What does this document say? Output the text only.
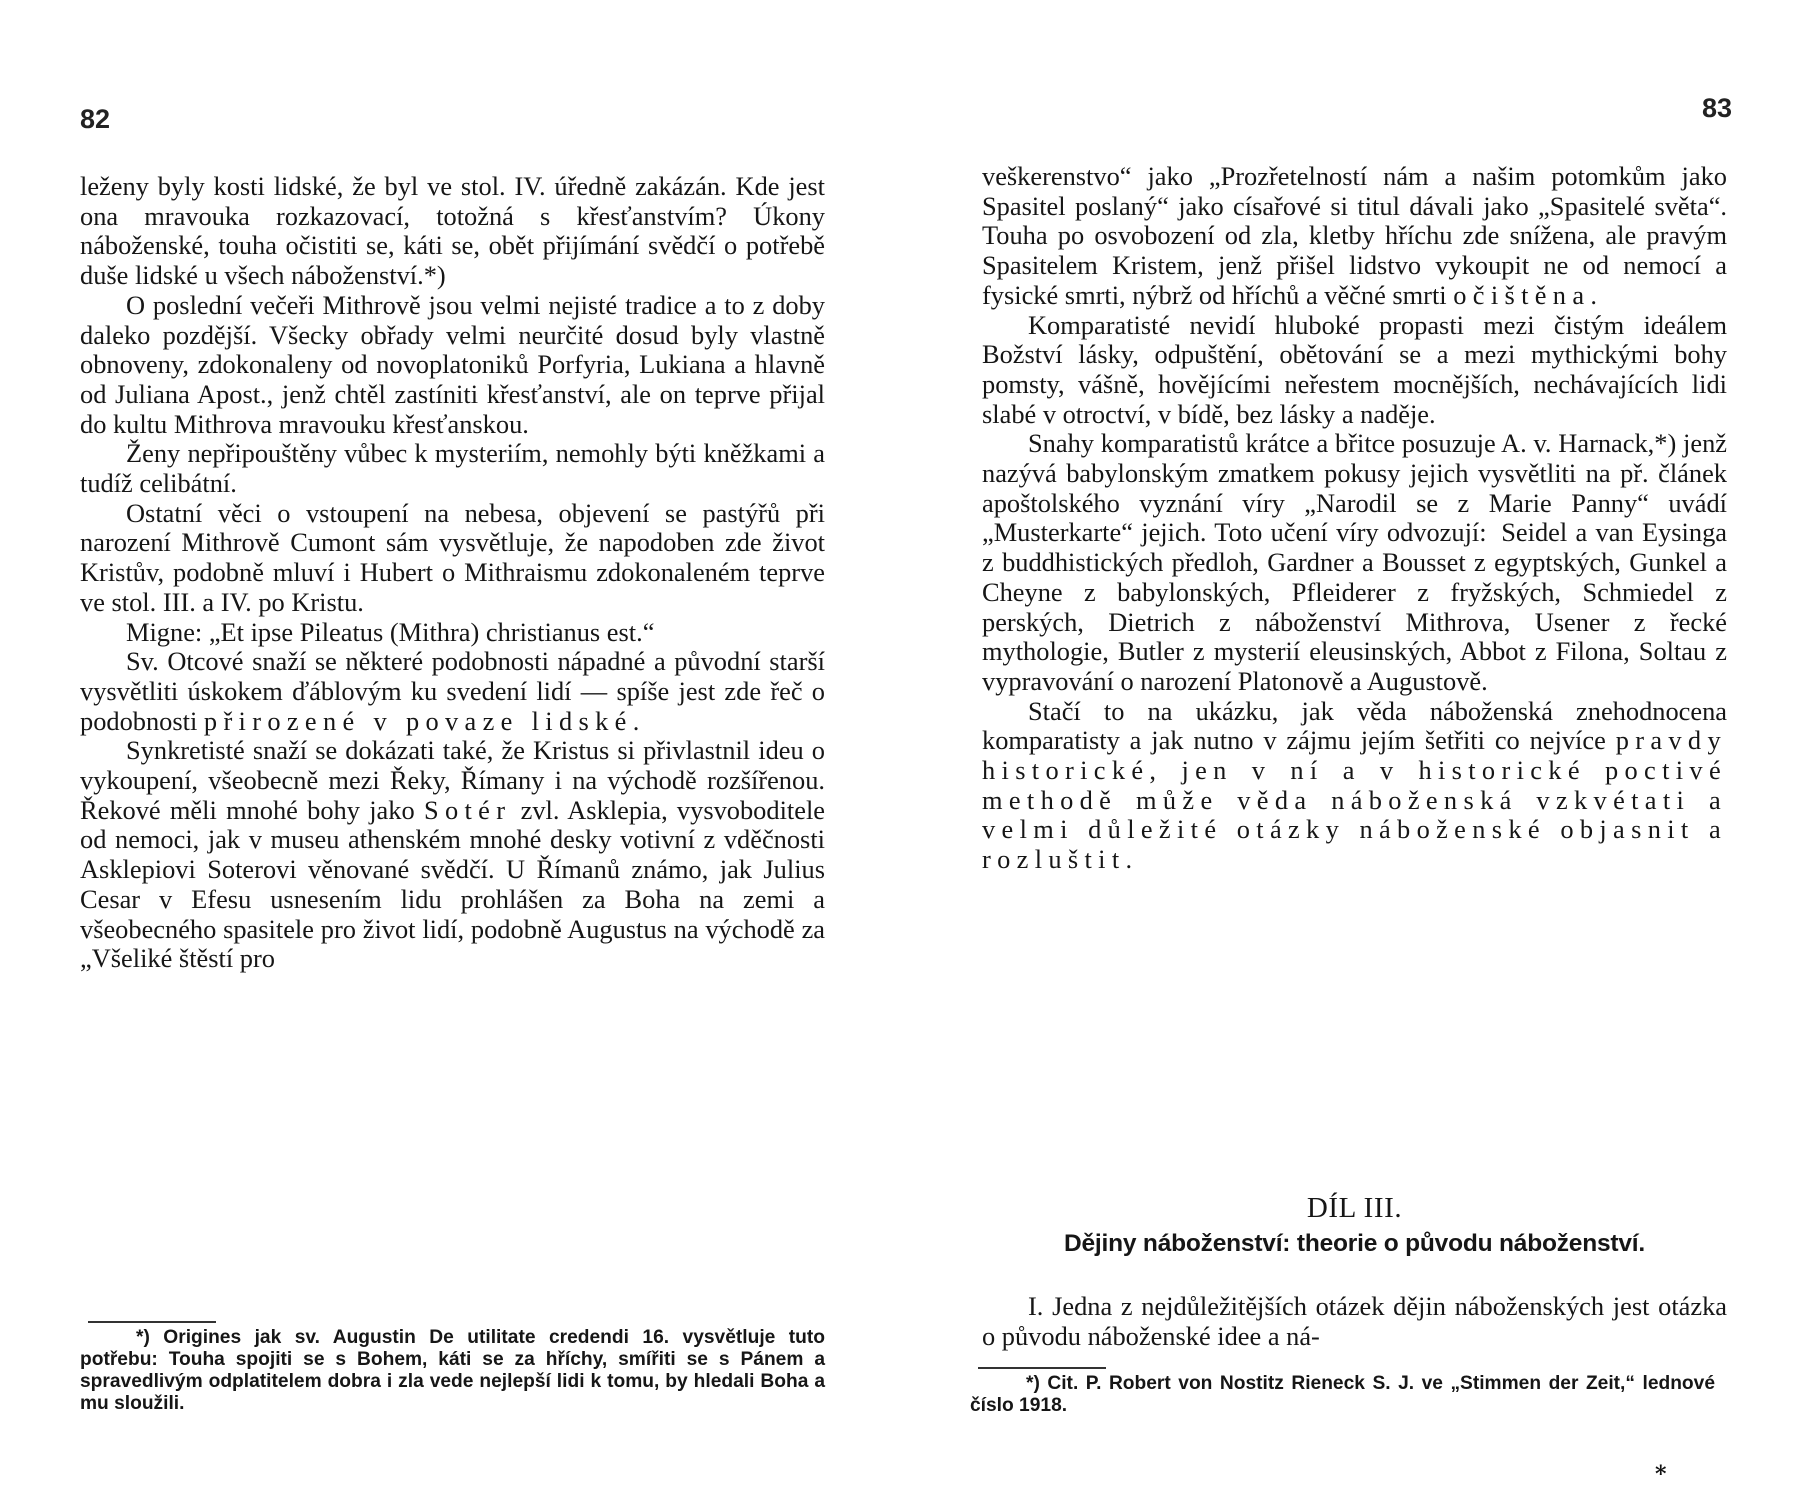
82

leženy byly kosti lidské, že byl ve stol. IV. úředně zakázán. Kde jest ona mravouka rozkazovací, totožná s křesťanstvím? Úkony náboženské, touha očistiti se, káti se, obět přijímání svědčí o potřebě duše lidské u všech náboženství.*)

O poslední večeři Mithrově jsou velmi nejisté tradice a to z doby daleko pozdější. Všecky obřady velmi neurčité dosud byly vlastně obnoveny, zdokonaleny od novoplatoniků Porfyria, Lukiana a hlavně od Juliana Apost., jenž chtěl zastíniti křesťanství, ale on teprve přijal do kultu Mithrova mravouku křesťanskou.

Ženy nepřipouštěny vůbec k mysteriím, nemohly býti kněžkami a tudíž celibátní.

Ostatní věci o vstoupení na nebesa, objevení se pastýřů při narození Mithrově Cumont sám vysvětluje, že napodoben zde život Kristův, podobně mluví i Hubert o Mithraismu zdokonaleném teprve ve stol. III. a IV. po Kristu.

Migne: „Et ipse Pileatus (Mithra) christianus est.“

Sv. Otcové snaží se některé podobnosti nápadné a původní starší vysvětliti úskokem ďáblovým ku svedení lidí — spíše jest zde řeč o podobnosti přirozené v povaze lidské.

Synkretisté snaží se dokázati také, že Kristus si přivlastnil ideu o vykoupení, všeobecně mezi Řeky, Římany i na východě rozšířenou. Řekové měli mnohé bohy jako Sotér zvl. Asklepia, vysvoboditele od nemoci, jak v museu athenském mnohé desky votivní z vděčnosti Asklepiovi Soterovi věnované svědčí. U Římanů známo, jak Julius Cesar v Efesu usnesením lidu prohlášen za Boha na zemi a všeobecného spasitele pro život lidí, podobně Augustus na východě za „Všeliké štěstí pro

*) Origines jak sv. Augustin De utilitate credendi 16. vysvětluje tuto potřebu: Touha spojiti se s Bohem, káti se za hříchy, smířiti se s Pánem a spravedlivým odplatitelem dobra i zla vede nejlepší lidi k tomu, by hledali Boha a mu sloužili.

83

veškerenstvo“ jako „Prozřetelností nám a našim potomkům jako Spasitel poslaný“ jako císařové si titul dávali jako „Spasitelé světa“. Touha po osvobození od zla, kletby hříchu zde snížena, ale pravým Spasitelem Kristem, jenž přišel lidstvo vykoupit ne od nemocí a fysické smrti, nýbrž od hříchů a věčné smrti očištěna.

Komparatisté nevidí hluboké propasti mezi čistým ideálem Božství lásky, odpuštění, obětování se a mezi mythickými bohy pomsty, vášně, hovějícími neřestem mocnějších, nechávajících lidi slabé v otroctví, v bídě, bez lásky a naděje.

Snahy komparatistů krátce a břitce posuzuje A. v. Harnack,*) jenž nazývá babylonským zmatkem pokusy jejich vysvětliti na př. článek apoštolského vyznání víry „Narodil se z Marie Panny“ uvádí „Musterkarte“ jejich. Toto učení víry odvozují: Seidel a van Eysinga z buddhistických předloh, Gardner a Bousset z egyptských, Gunkel a Cheyne z babylonských, Pfleiderer z fryžských, Schmiedel z perských, Dietrich z náboženství Mithrova, Usener z řecké mythologie, Butler z mysterií eleusinských, Abbot z Filona, Soltau z vypravování o narození Platonově a Augustově.

Stačí to na ukázku, jak věda náboženská znehodnocena komparatisty a jak nutno v zájmu jejím šetřiti co nejvíce pravdy historické, jen v ní a v historické poctivé methodě může věda náboženská vzkvétati a velmi důležité otázky náboženské objasnit a rozluštit.

DÍL III.
Dějiny náboženství: theorie o původu náboženství.

I. Jedna z nejdůležitějších otázek dějin náboženských jest otázka o původu náboženské idee a ná-

*) Cit. P. Robert von Nostitz Rieneck S. J. ve „Stimmen der Zeit,“ lednové číslo 1918.

⁎
